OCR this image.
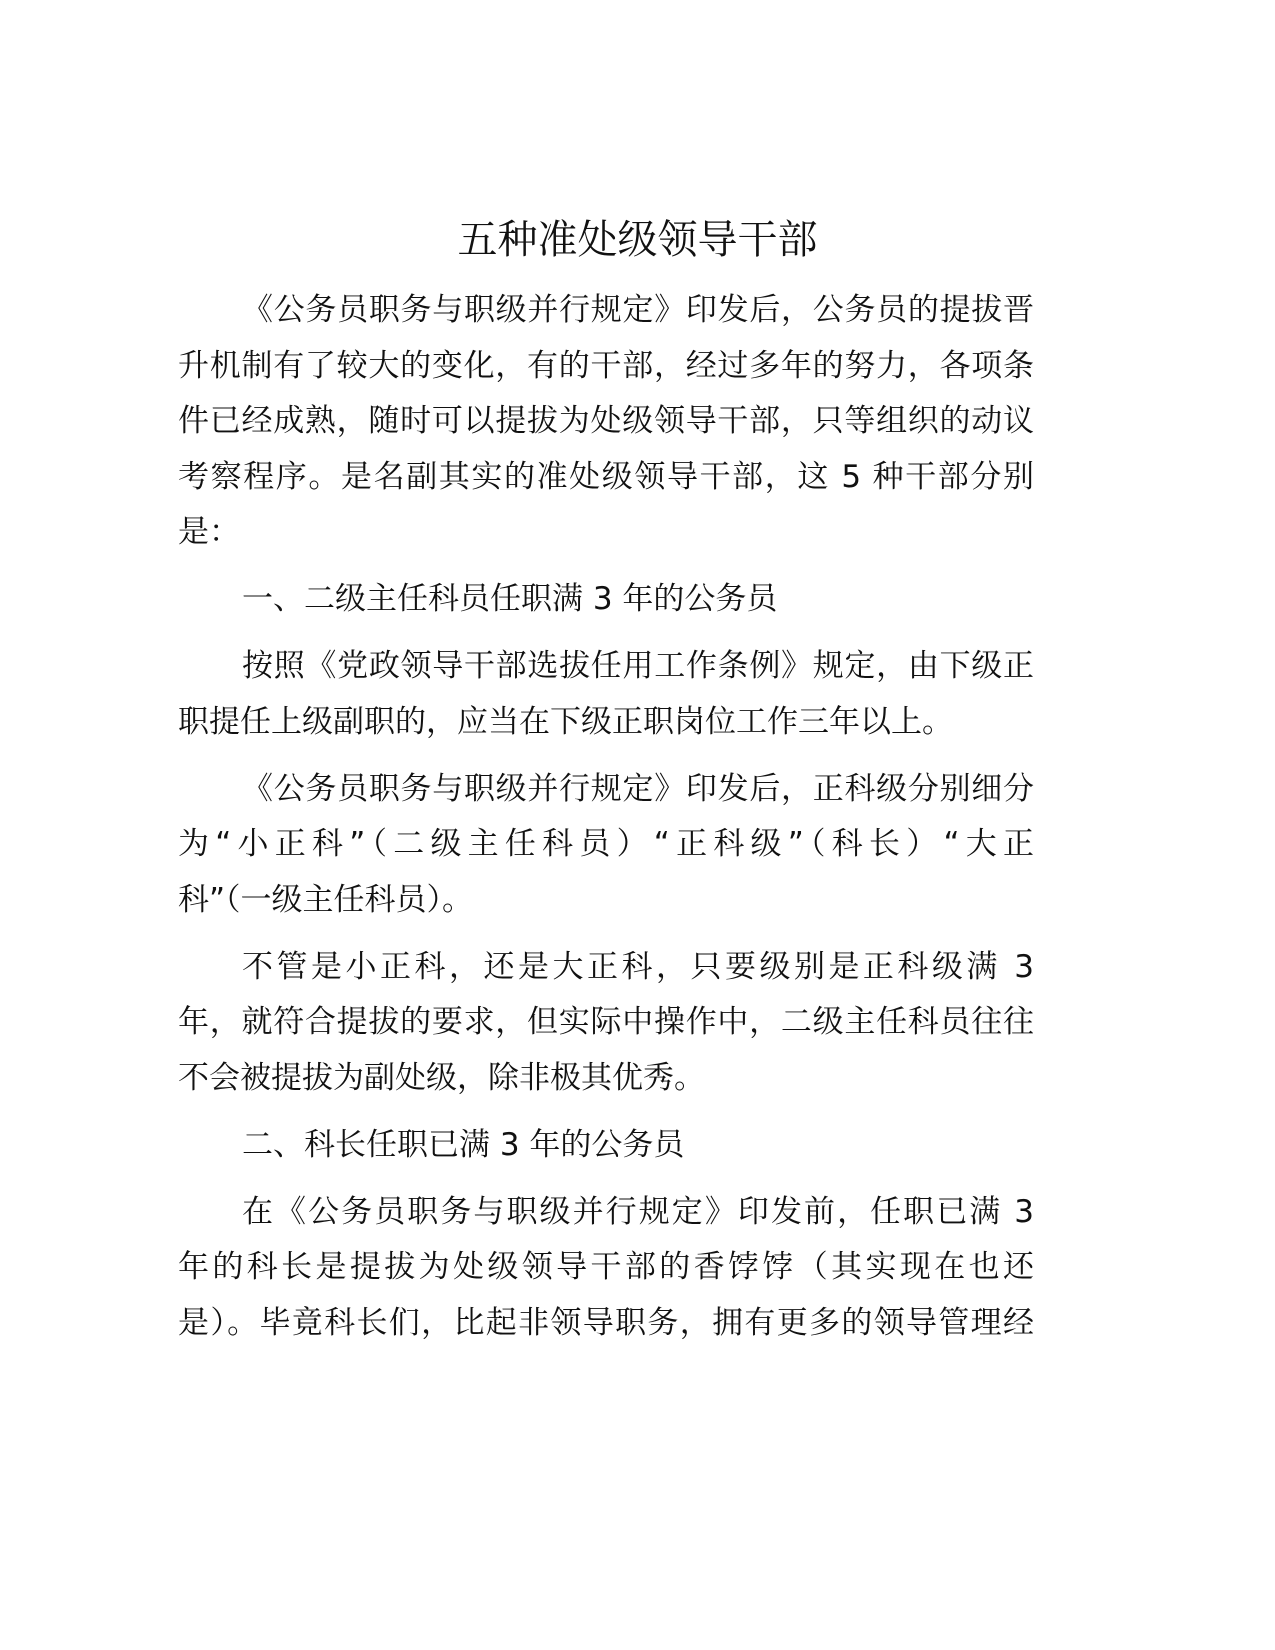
五种准处级领导干部
《公务员职务与职级并行规定》印发后，公务员的提拔晋
升机制有了较大的变化，有的干部，经过多年的努力，各项条
件已经成熟，随时可以提拔为处级领导干部，只等组织的动议
考察程序。是名副其实的准处级领导干部，这 5 种干部分别
是：
一、二级主任科员任职满 3 年的公务员
按照《党政领导干部选拔任用工作条例》规定，由下级正
职提任上级副职的，应当在下级正职岗位工作三年以上。
《公务员职务与职级并行规定》印发后，正科级分别细分
为“小正科”（二级主任科员）“正科级”（科长）“大正
科”（一级主任科员）。
不管是小正科，还是大正科，只要级别是正科级满 3
年，就符合提拔的要求，但实际中操作中，二级主任科员往往
不会被提拔为副处级，除非极其优秀。
二、科长任职已满 3 年的公务员
在《公务员职务与职级并行规定》印发前，任职已满 3
年的科长是提拔为处级领导干部的香饽饽（其实现在也还
是）。毕竟科长们，比起非领导职务，拥有更多的领导管理经
